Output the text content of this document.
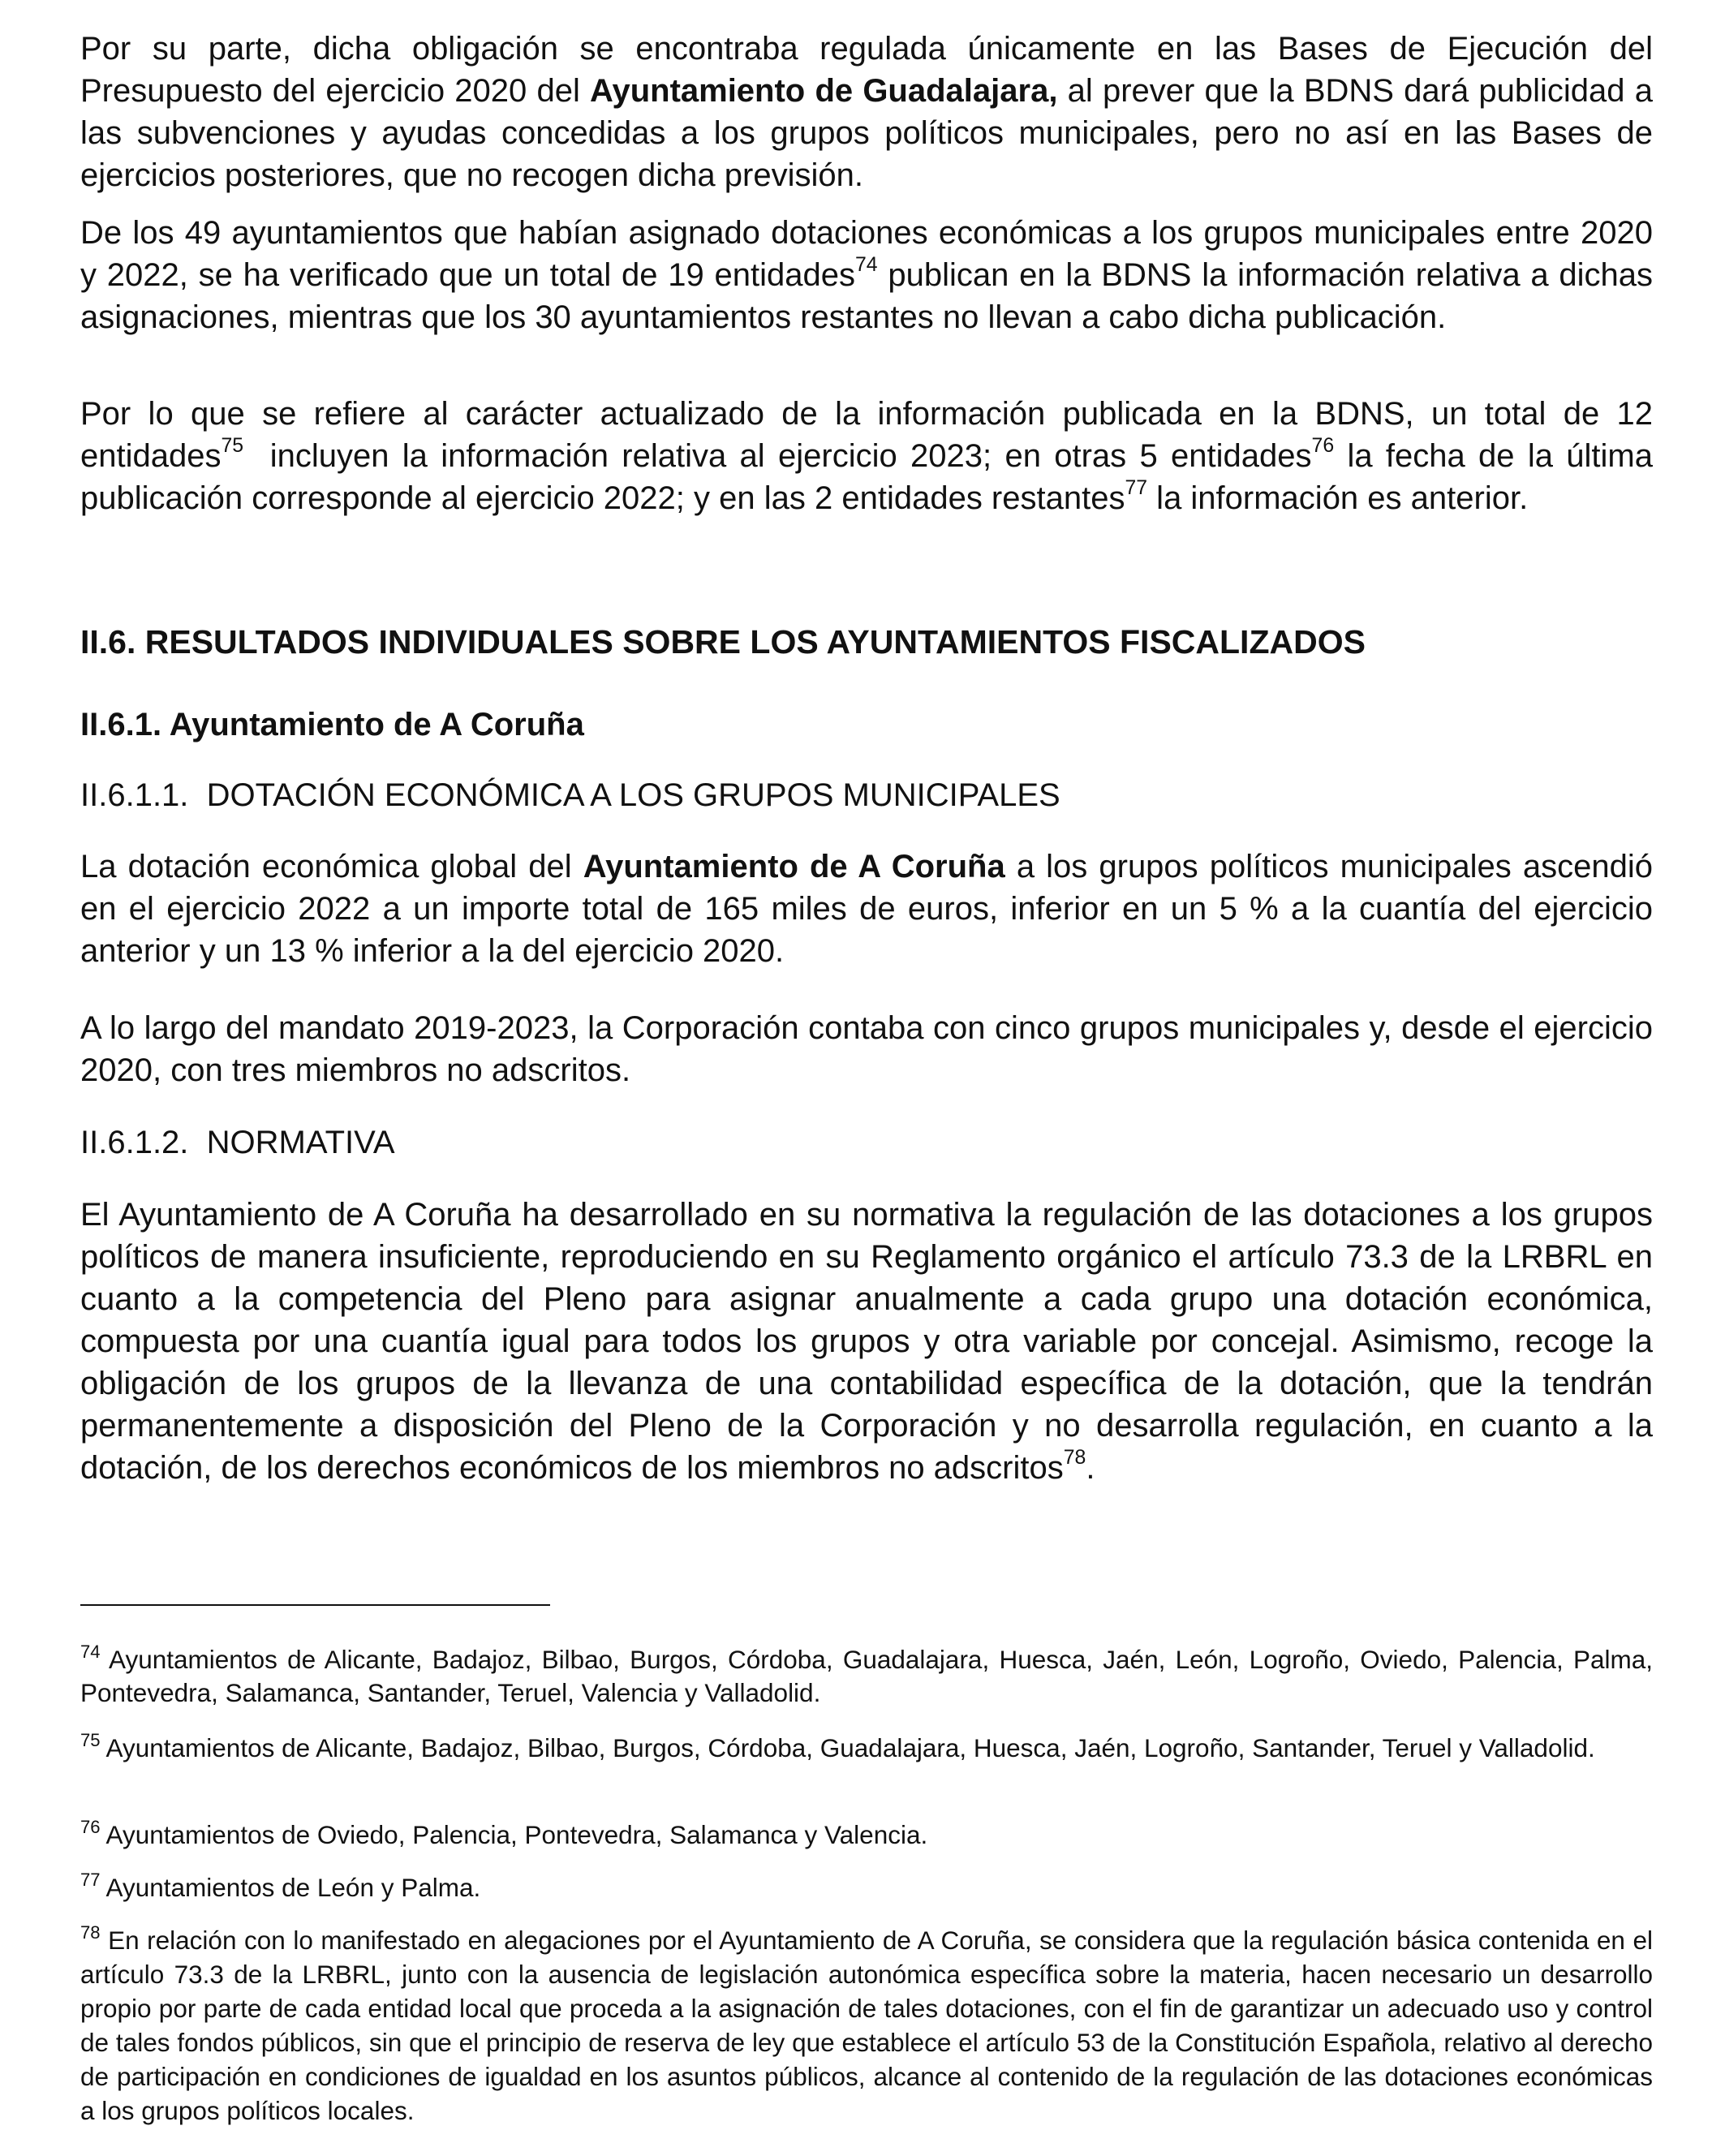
Por su parte, dicha obligación se encontraba regulada únicamente en las Bases de Ejecución del Presupuesto del ejercicio 2020 del Ayuntamiento de Guadalajara, al prever que la BDNS dará publicidad a las subvenciones y ayudas concedidas a los grupos políticos municipales, pero no así en las Bases de ejercicios posteriores, que no recogen dicha previsión.
De los 49 ayuntamientos que habían asignado dotaciones económicas a los grupos municipales entre 2020 y 2022, se ha verificado que un total de 19 entidades$^{74}$ publican en la BDNS la información relativa a dichas asignaciones, mientras que los 30 ayuntamientos restantes no llevan a cabo dicha publicación.
Por lo que se refiere al carácter actualizado de la información publicada en la BDNS, un total de 12 entidades$^{75}$  incluyen la información relativa al ejercicio 2023; en otras 5 entidades$^{76}$ la fecha de la última publicación corresponde al ejercicio 2022; y en las 2 entidades restantes$^{77}$ la información es anterior.
II.6. RESULTADOS INDIVIDUALES SOBRE LOS AYUNTAMIENTOS FISCALIZADOS
II.6.1. Ayuntamiento de A Coruña
II.6.1.1.  DOTACIÓN ECONÓMICA A LOS GRUPOS MUNICIPALES
La dotación económica global del Ayuntamiento de A Coruña a los grupos políticos municipales ascendió en el ejercicio 2022 a un importe total de 165 miles de euros, inferior en un 5 % a la cuantía del ejercicio anterior y un 13 % inferior a la del ejercicio 2020.
A lo largo del mandato 2019-2023, la Corporación contaba con cinco grupos municipales y, desde el ejercicio 2020, con tres miembros no adscritos.
II.6.1.2.  NORMATIVA
El Ayuntamiento de A Coruña ha desarrollado en su normativa la regulación de las dotaciones a los grupos políticos de manera insuficiente, reproduciendo en su Reglamento orgánico el artículo 73.3 de la LRBRL en cuanto a la competencia del Pleno para asignar anualmente a cada grupo una dotación económica, compuesta por una cuantía igual para todos los grupos y otra variable por concejal. Asimismo, recoge la obligación de los grupos de la llevanza de una contabilidad específica de la dotación, que la tendrán permanentemente a disposición del Pleno de la Corporación y no desarrolla regulación, en cuanto a la dotación, de los derechos económicos de los miembros no adscritos$^{78}$.
$^{74}$ Ayuntamientos de Alicante, Badajoz, Bilbao, Burgos, Córdoba, Guadalajara, Huesca, Jaén, León, Logroño, Oviedo, Palencia, Palma, Pontevedra, Salamanca, Santander, Teruel, Valencia y Valladolid.
$^{75}$ Ayuntamientos de Alicante, Badajoz, Bilbao, Burgos, Córdoba, Guadalajara, Huesca, Jaén, Logroño, Santander, Teruel y Valladolid.
$^{76}$ Ayuntamientos de Oviedo, Palencia, Pontevedra, Salamanca y Valencia.
$^{77}$ Ayuntamientos de León y Palma.
$^{78}$ En relación con lo manifestado en alegaciones por el Ayuntamiento de A Coruña, se considera que la regulación básica contenida en el artículo 73.3 de la LRBRL, junto con la ausencia de legislación autonómica específica sobre la materia, hacen necesario un desarrollo propio por parte de cada entidad local que proceda a la asignación de tales dotaciones, con el fin de garantizar un adecuado uso y control de tales fondos públicos, sin que el principio de reserva de ley que establece el artículo 53 de la Constitución Española, relativo al derecho de participación en condiciones de igualdad en los asuntos públicos, alcance al contenido de la regulación de las dotaciones económicas a los grupos políticos locales.
